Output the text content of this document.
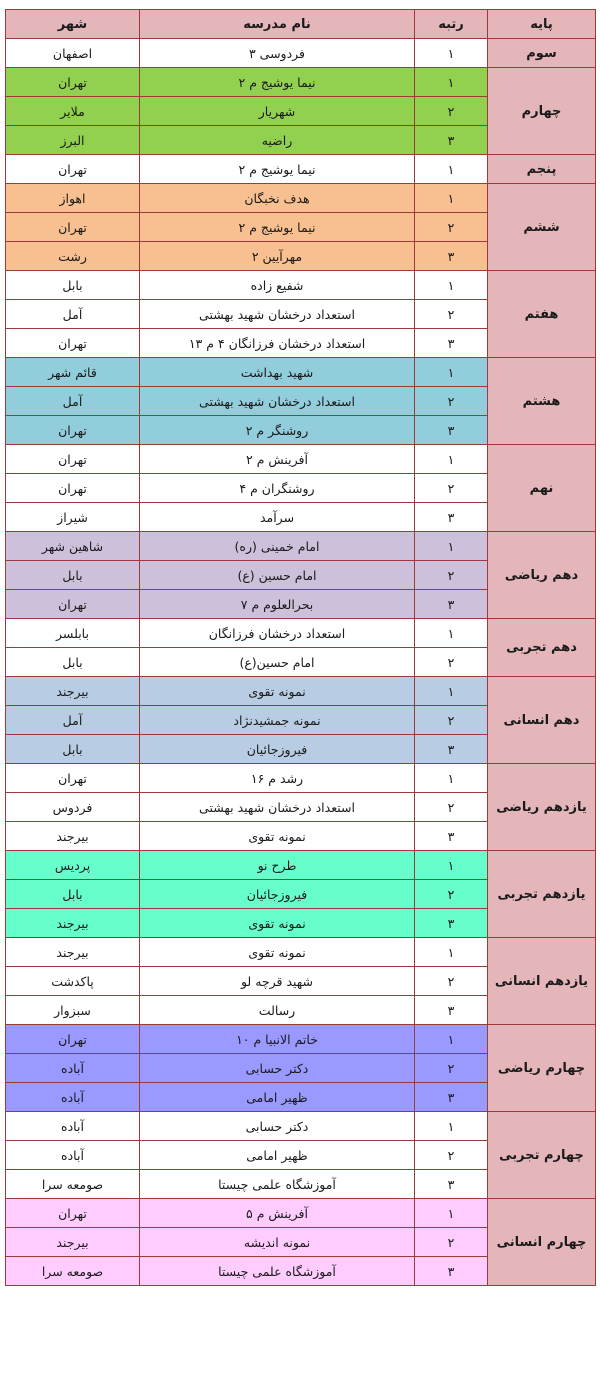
پایه	رتبه	نام مدرسه	شهر
سوم	۱	فردوسی ۳	اصفهان
چهارم	۱	نیما یوشیج م ۲	تهران
	۲	شهریار	ملایر
	۳	راضیه	البرز
پنجم	۱	نیما یوشیج م ۲	تهران
ششم	۱	هدف نخبگان	اهواز
	۲	نیما یوشیج م ۲	تهران
	۳	مهرآیین ۲	رشت
هفتم	۱	شفیع زاده	بابل
	۲	استعداد درخشان شهید بهشتی	آمل
	۳	استعداد درخشان فرزانگان ۴ م ۱۳	تهران
هشتم	۱	شهید بهداشت	قائم شهر
	۲	استعداد درخشان شهید بهشتی	آمل
	۳	روشنگر م ۲	تهران
نهم	۱	آفرینش م ۲	تهران
	۲	روشنگران م ۴	تهران
	۳	سرآمد	شیراز
دهم ریاضی	۱	امام خمینی (ره)	شاهین شهر
	۲	امام حسین (ع)	بابل
	۳	بحرالعلوم م ۷	تهران
دهم تجربی	۱	استعداد درخشان فرزانگان	بابلسر
	۲	امام حسین(ع)	بابل
دهم انسانی	۱	نمونه تقوی	بیرجند
	۲	نمونه جمشیدنژاد	آمل
	۳	فیروزجائیان	بابل
یازدهم ریاضی	۱	رشد م ۱۶	تهران
	۲	استعداد درخشان شهید بهشتی	فردوس
	۳	نمونه تقوی	بیرجند
یازدهم تجربی	۱	طرح نو	پردیس
	۲	فیروزجائیان	بابل
	۳	نمونه تقوی	بیرجند
یازدهم انسانی	۱	نمونه تقوی	بیرجند
	۲	شهید قرچه لو	پاکدشت
	۳	رسالت	سبزوار
چهارم ریاضی	۱	خاتم الانبیا م ۱۰	تهران
	۲	دکتر حسابی	آباده
	۳	ظهیر امامی	آباده
چهارم تجربی	۱	دکتر حسابی	آباده
	۲	ظهیر امامی	آباده
	۳	آموزشگاه علمی چیستا	صومعه سرا
چهارم انسانی	۱	آفرینش م ۵	تهران
	۲	نمونه اندیشه	بیرجند
	۳	آموزشگاه علمی چیستا	صومعه سرا
